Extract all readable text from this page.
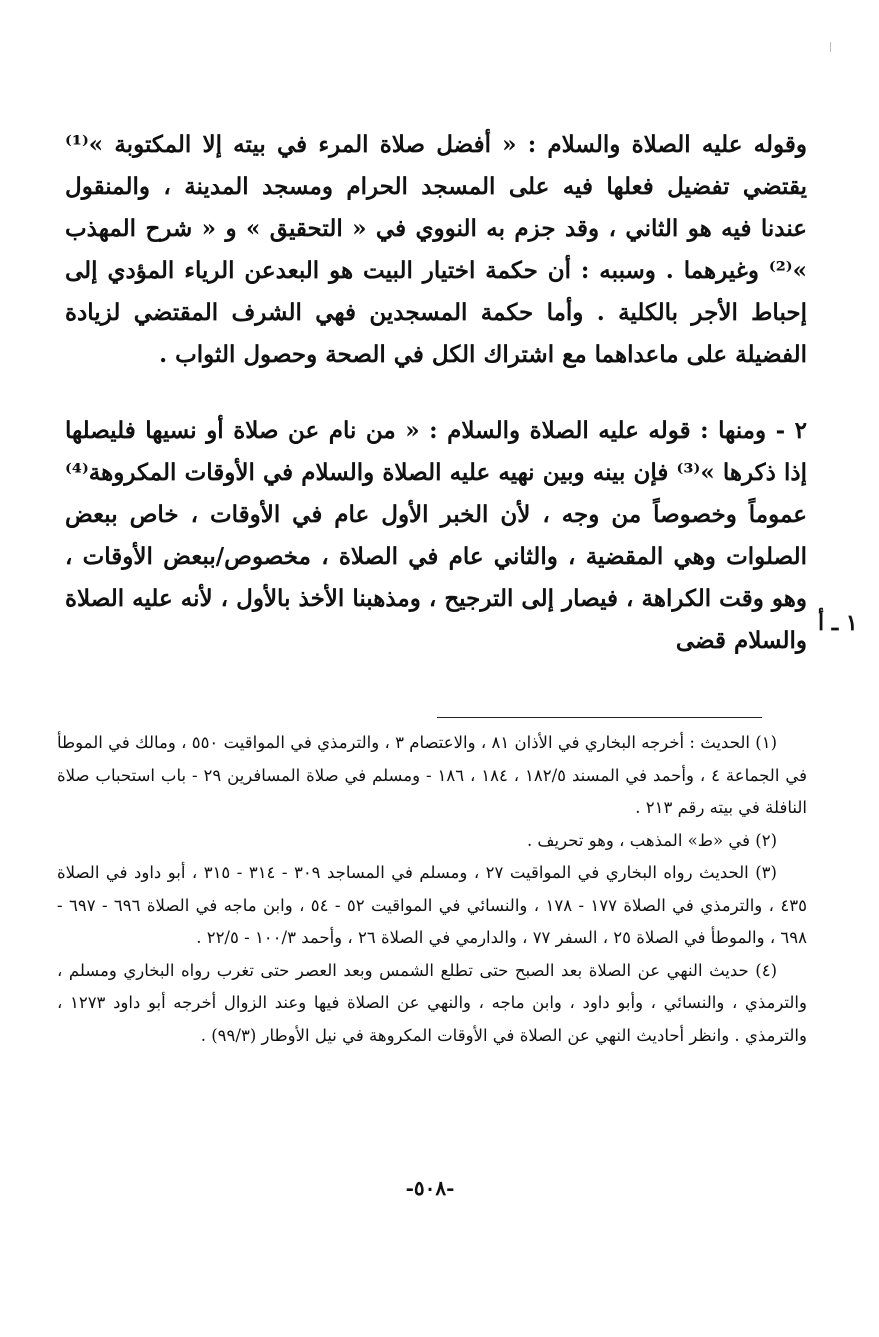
وقوله عليه الصلاة والسلام : « أفضل صلاة المرء في بيته إلا المكتوبة »⁽¹⁾ يقتضي تفضيل فعلها فيه على المسجد الحرام ومسجد المدينة ، والمنقول عندنا فيه هو الثاني ، وقد جزم به النووي في « التحقيق » و « شرح المهذب »⁽²⁾ وغيرهما . وسببه : أن حكمة اختيار البيت هو البعدعن الرياء المؤدي إلى إحباط الأجر بالكلية . وأما حكمة المسجدين فهي الشرف المقتضي لزيادة الفضيلة على ماعداهما مع اشتراك الكل في الصحة وحصول الثواب .

٢ - ومنها : قوله عليه الصلاة والسلام : « من نام عن صلاة أو نسيها فليصلها إذا ذكرها »⁽³⁾ فإن بينه وبين نهيه عليه الصلاة والسلام في الأوقات المكروهة⁽⁴⁾ عموماً وخصوصاً من وجه ، لأن الخبر الأول عام في الأوقات ، خاص ببعض الصلوات وهي المقضية ، والثاني عام في الصلاة ، مخصوص/ببعض الأوقات ، وهو وقت الكراهة ، فيصار إلى الترجيح ، ومذهبنا الأخذ بالأول ، لأنه عليه الصلاة والسلام قضى

١ ـ أ

(١) الحديث : أخرجه البخاري في الأذان ٨١ ، والاعتصام ٣ ، والترمذي في المواقيت ٥٥٠ ، ومالك في الموطأ في الجماعة ٤ ، وأحمد في المسند ١٨٢/٥ ، ١٨٤ ، ١٨٦ - ومسلم في صلاة المسافرين ٢٩ - باب استحباب صلاة النافلة في بيته رقم ٢١٣ .

(٢) في «ط» المذهب ، وهو تحريف .

(٣) الحديث رواه البخاري في المواقيت ٢٧ ، ومسلم في المساجد ٣٠٩ - ٣١٤ - ٣١٥ ، أبو داود في الصلاة ٤٣٥ ، والترمذي في الصلاة ١٧٧ - ١٧٨ ، والنسائي في المواقيت ٥٢ - ٥٤ ، وابن ماجه في الصلاة ٦٩٦ - ٦٩٧ - ٦٩٨ ، والموطأ في الصلاة ٢٥ ، السفر ٧٧ ، والدارمي في الصلاة ٢٦ ، وأحمد ١٠٠/٣ - ٢٢/٥ .

(٤) حديث النهي عن الصلاة بعد الصبح حتى تطلع الشمس وبعد العصر حتى تغرب رواه البخاري ومسلم ، والترمذي ، والنسائي ، وأبو داود ، وابن ماجه ، والنهي عن الصلاة فيها وعند الزوال أخرجه أبو داود ١٢٧٣ ، والترمذي . وانظر أحاديث النهي عن الصلاة في الأوقات المكروهة في نيل الأوطار (٩٩/٣) .

-٥٠٨-
